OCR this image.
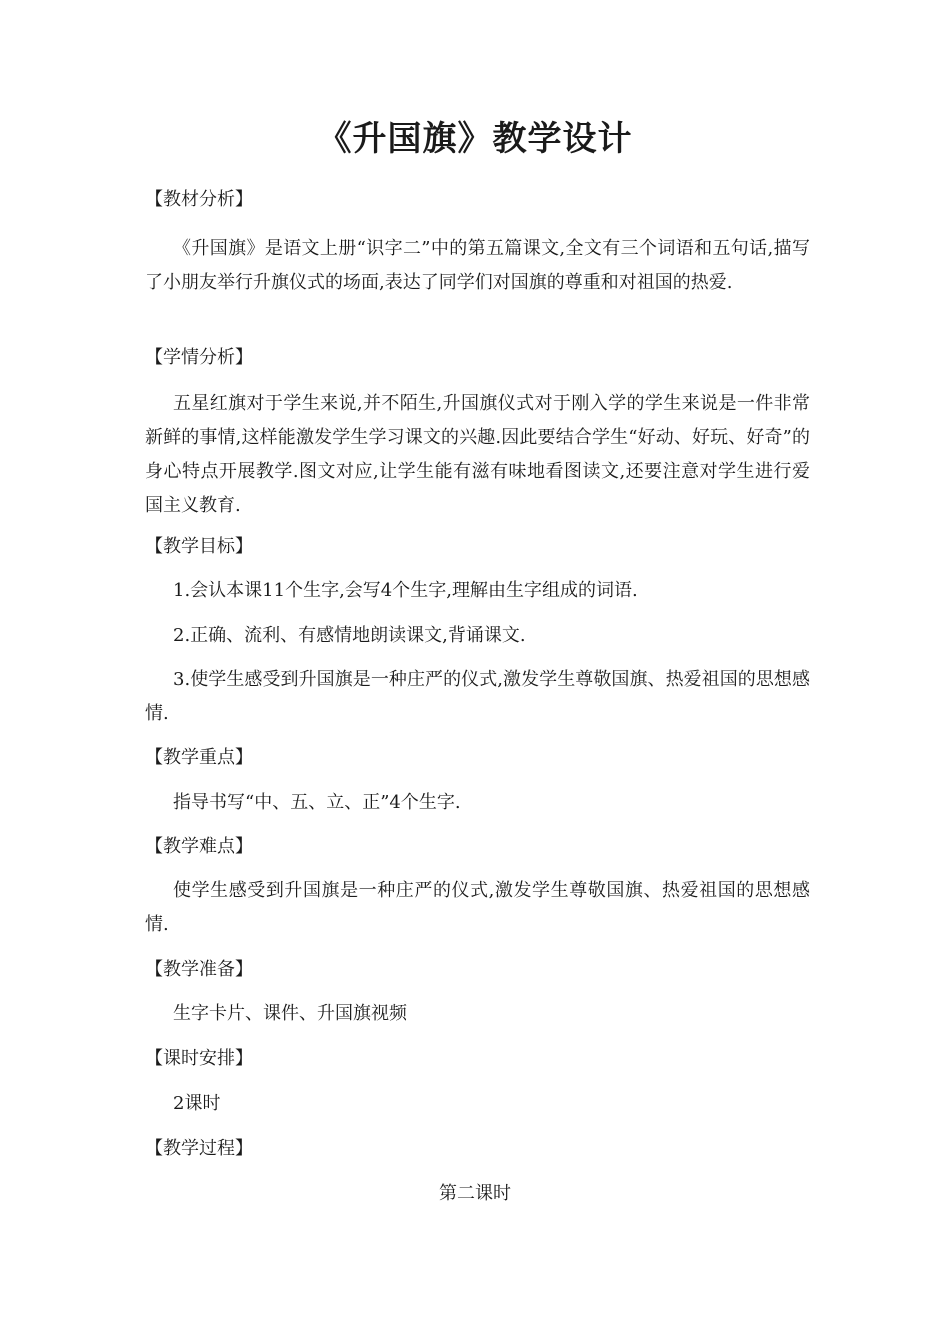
《升国旗》教学设计
【教材分析】
《升国旗》是语文上册“识字二”中的第五篇课文,全文有三个词语和五句话,描写了小朋友举行升旗仪式的场面,表达了同学们对国旗的尊重和对祖国的热爱.
【学情分析】
五星红旗对于学生来说,并不陌生,升国旗仪式对于刚入学的学生来说是一件非常新鲜的事情,这样能激发学生学习课文的兴趣.因此要结合学生“好动、好玩、好奇”的身心特点开展教学.图文对应,让学生能有滋有味地看图读文,还要注意对学生进行爱国主义教育.
【教学目标】
1.会认本课11个生字,会写4个生字,理解由生字组成的词语.
2.正确、流利、有感情地朗读课文,背诵课文.
3.使学生感受到升国旗是一种庄严的仪式,激发学生尊敬国旗、热爱祖国的思想感情.
【教学重点】
指导书写“中、五、立、正”4个生字.
【教学难点】
使学生感受到升国旗是一种庄严的仪式,激发学生尊敬国旗、热爱祖国的思想感情.
【教学准备】
生字卡片、课件、升国旗视频
【课时安排】
2课时
【教学过程】
第二课时
